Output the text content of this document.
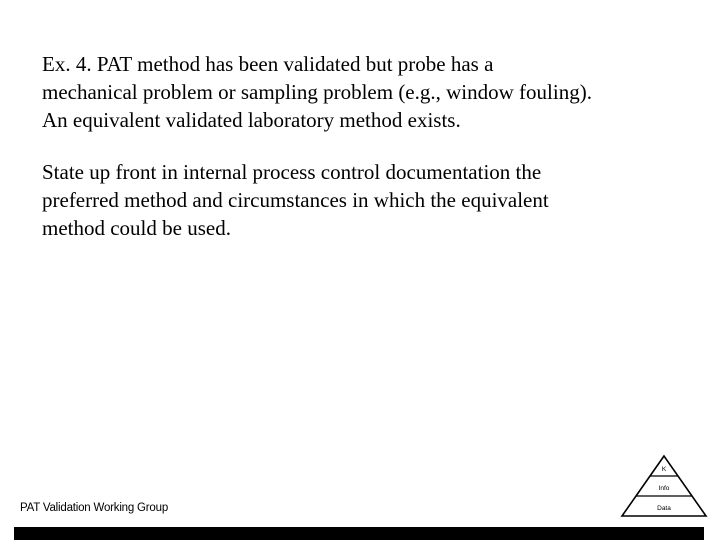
Ex. 4. PAT method has been validated but probe has a
mechanical problem or sampling problem (e.g., window fouling).
An equivalent validated laboratory method exists.

State up front in internal process control documentation the
preferred method and circumstances in which the equivalent
method could be used.

PAT Validation Working Group
K
Info
Data
